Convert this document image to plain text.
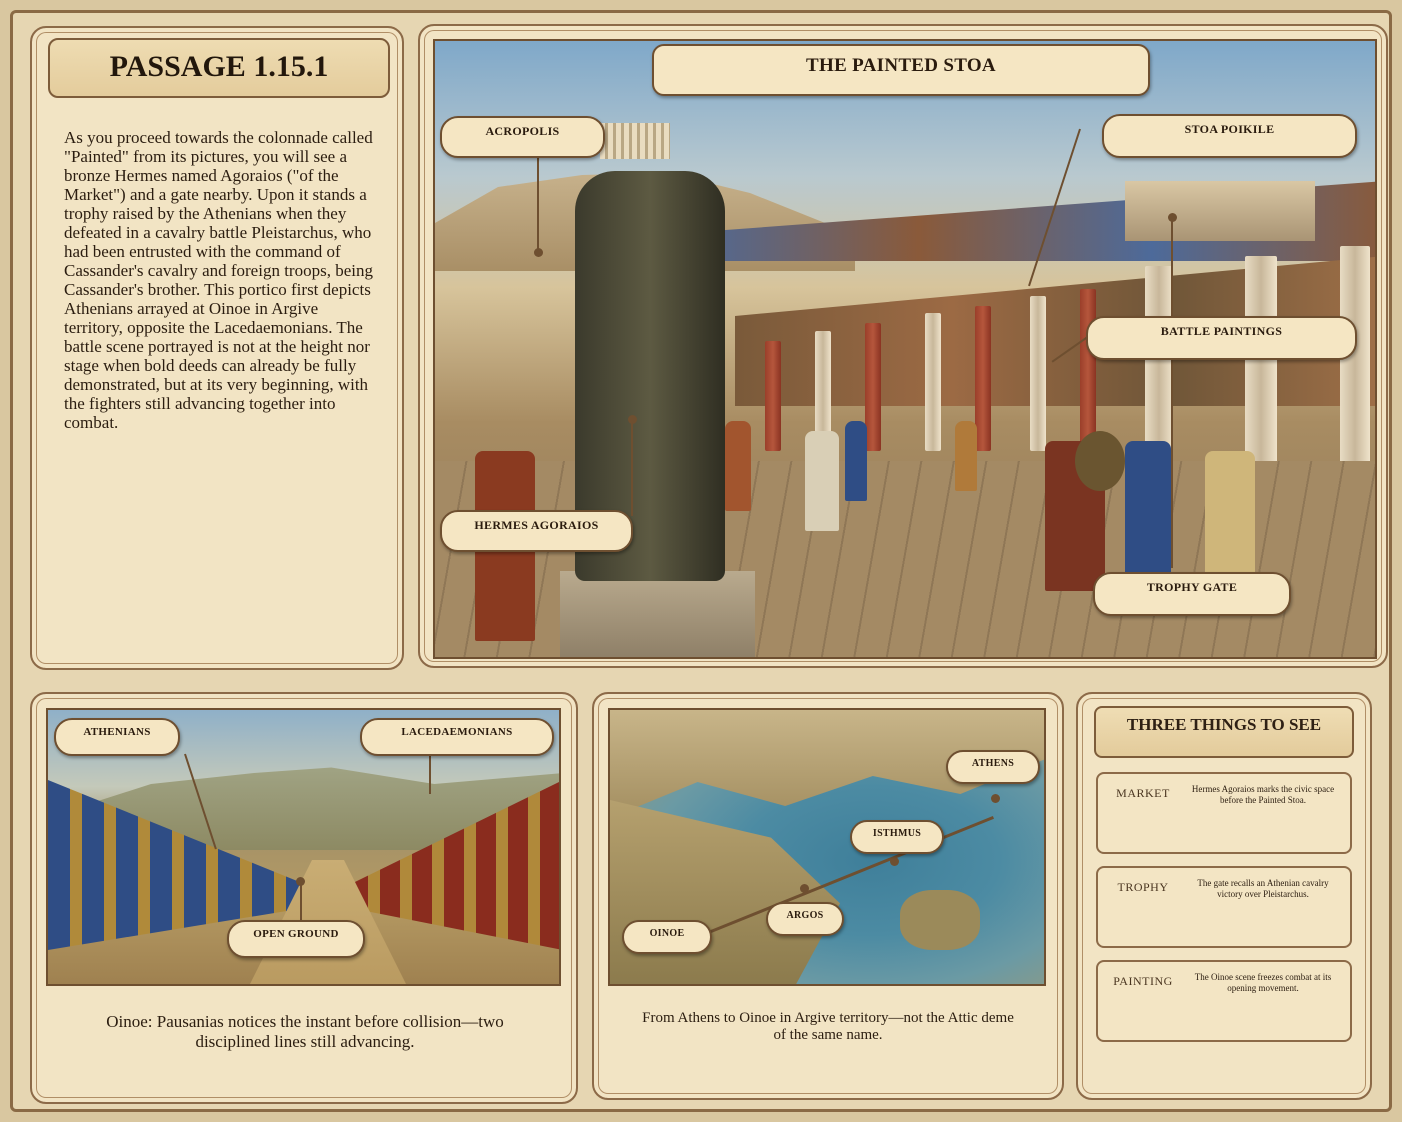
PASSAGE 1.15.1
As you proceed towards the colonnade called "Painted" from its pictures, you will see a bronze Hermes named Agoraios ("of the Market") and a gate nearby. Upon it stands a trophy raised by the Athenians when they defeated in a cavalry battle Pleistarchus, who had been entrusted with the command of Cassander's cavalry and foreign troops, being Cassander's brother. This portico first depicts Athenians arrayed at Oinoe in Argive territory, opposite the Lacedaemonians. The battle scene portrayed is not at the height nor stage when bold deeds can already be fully demonstrated, but at its very beginning, with the fighters still advancing together into combat.
THE PAINTED STOA
ACROPOLIS	STOA POIKILE
BATTLE PAINTINGS
HERMES AGORAIOS
TROPHY GATE
ATHENIANS	LACEDAEMONIANS
OPEN GROUND
Oinoe: Pausanias notices the instant before collision—two disciplined lines still advancing.
ATHENS
ISTHMUS
ARGOS
OINOE
From Athens to Oinoe in Argive territory—not the Attic deme of the same name.
THREE THINGS TO SEE
MARKET	Hermes Agoraios marks the civic space before the Painted Stoa.
TROPHY	The gate recalls an Athenian cavalry victory over Pleistarchus.
PAINTING	The Oinoe scene freezes combat at its opening movement.
